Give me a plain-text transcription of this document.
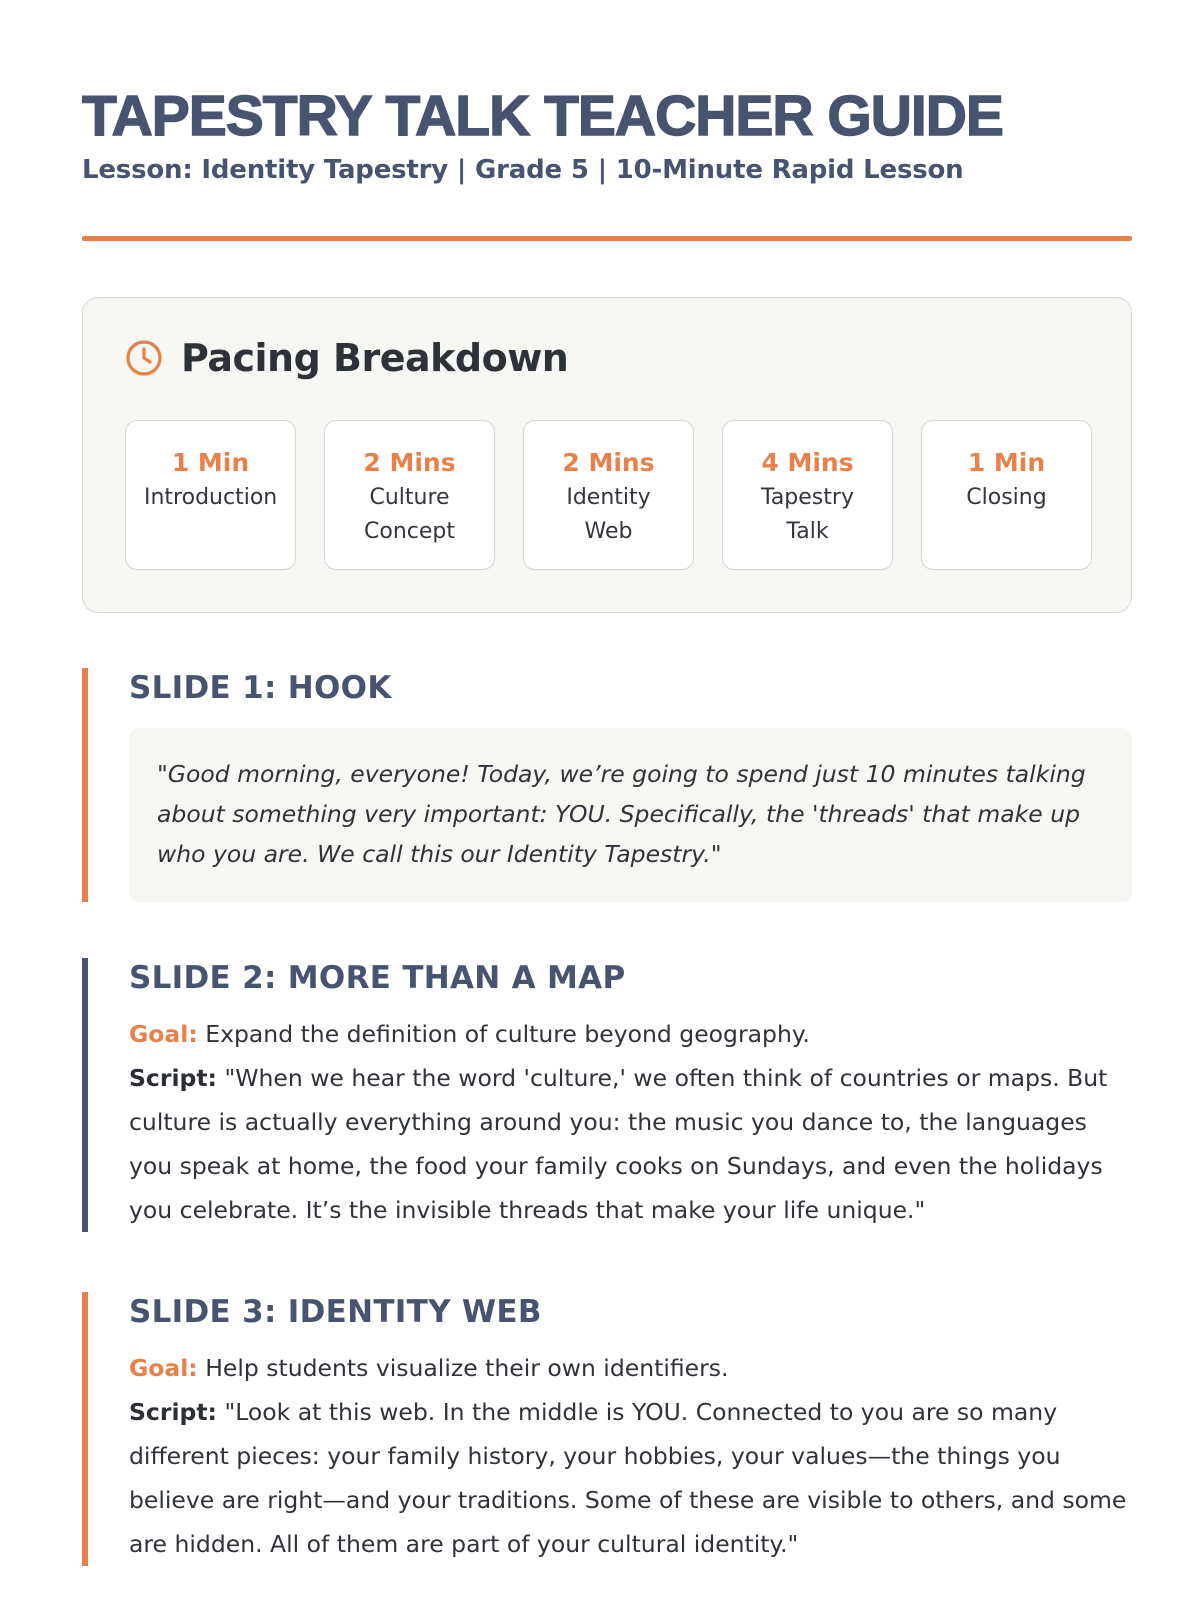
TAPESTRY TALK TEACHER GUIDE
Lesson: Identity Tapestry | Grade 5 | 10-Minute Rapid Lesson
Pacing Breakdown
1 Min
Introduction
2 Mins
Culture Concept
2 Mins
Identity Web
4 Mins
Tapestry Talk
1 Min
Closing
SLIDE 1: HOOK
"Good morning, everyone! Today, we’re going to spend just 10 minutes talking about something very important: YOU. Specifically, the 'threads' that make up who you are. We call this our Identity Tapestry."
SLIDE 2: MORE THAN A MAP
Goal: Expand the definition of culture beyond geography.
Script: "When we hear the word 'culture,' we often think of countries or maps. But culture is actually everything around you: the music you dance to, the languages you speak at home, the food your family cooks on Sundays, and even the holidays you celebrate. It’s the invisible threads that make your life unique."
SLIDE 3: IDENTITY WEB
Goal: Help students visualize their own identifiers.
Script: "Look at this web. In the middle is YOU. Connected to you are so many different pieces: your family history, your hobbies, your values—the things you believe are right—and your traditions. Some of these are visible to others, and some are hidden. All of them are part of your cultural identity."
